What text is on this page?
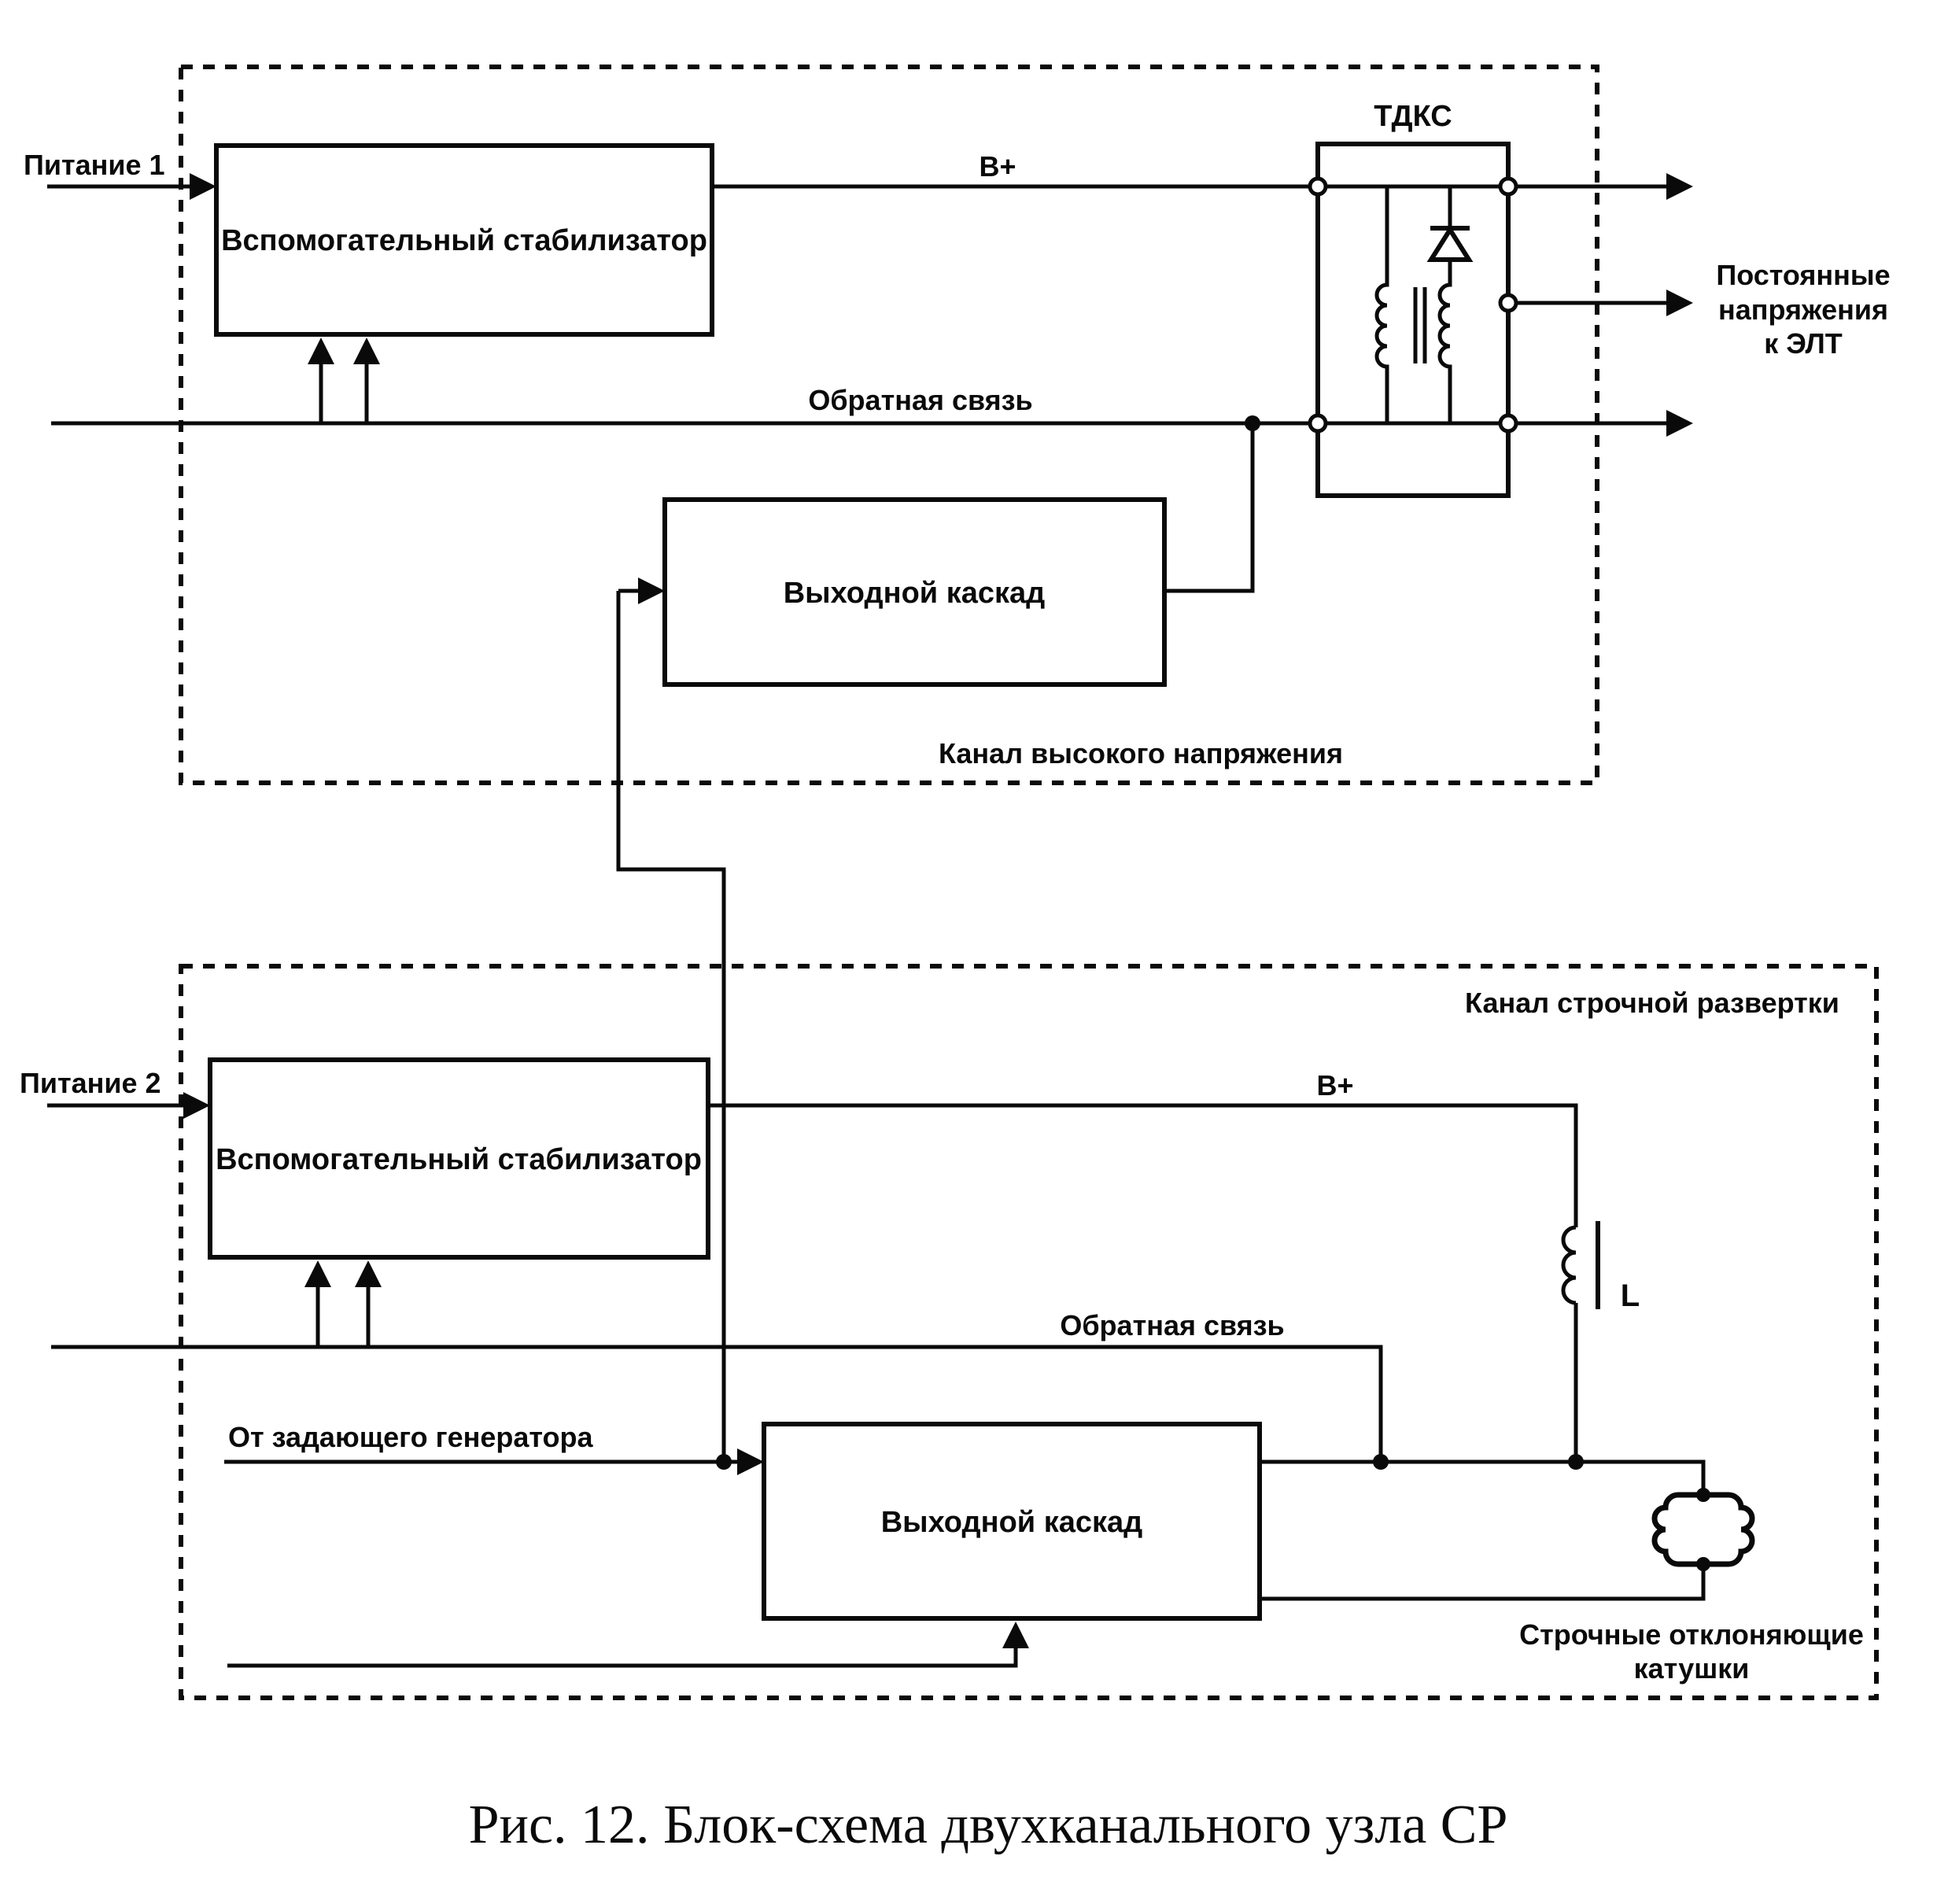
Питание 1
Вспомогательный стабилизатор
В+
Обратная связь
Выходной каскад
ТДКС
Постоянные
напряжения
к ЭЛТ
Канал высокого напряжения
Канал строчной развертки
Питание 2
Вспомогательный стабилизатор
В+
L
Обратная связь
От задающего генератора
Выходной каскад
Строчные отклоняющие
катушки
Рис. 12. Блок-схема двухканального узла СР
